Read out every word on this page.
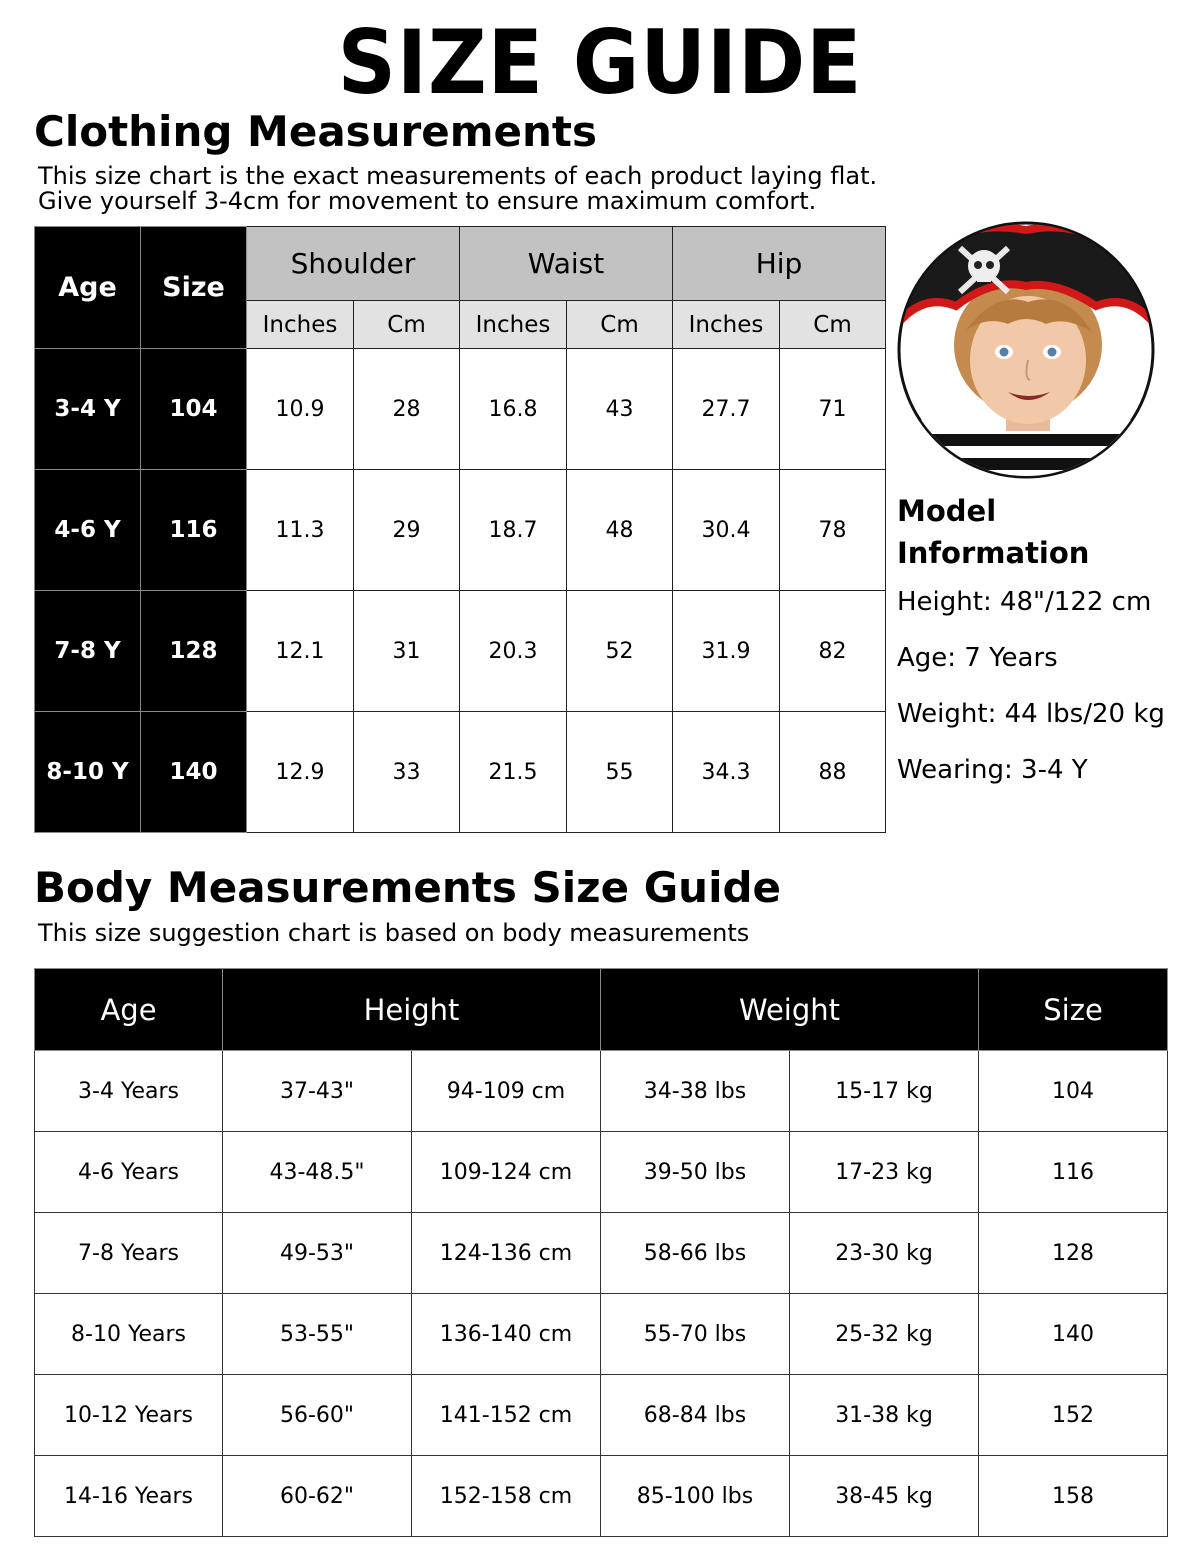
SIZE GUIDE
Clothing Measurements
This size chart is the exact measurements of each product laying flat.
Give yourself 3-4cm for movement to ensure maximum comfort.
Age	Size	Shoulder		Waist		Hip	
		Inches	Cm	Inches	Cm	Inches	Cm
3-4 Y	104	10.9	28	16.8	43	27.7	71
4-6 Y	116	11.3	29	18.7	48	30.4	78
7-8 Y	128	12.1	31	20.3	52	31.9	82
8-10 Y	140	12.9	33	21.5	55	34.3	88
Model Information
Height: 48"/122 cm
Age: 7 Years
Weight: 44 lbs/20 kg
Wearing: 3-4 Y
Body Measurements Size Guide
This size suggestion chart is based on body measurements
Age	Height		Weight		Size
3-4 Years	37-43"	94-109 cm	34-38 lbs	15-17 kg	104
4-6 Years	43-48.5"	109-124 cm	39-50 lbs	17-23 kg	116
7-8 Years	49-53"	124-136 cm	58-66 lbs	23-30 kg	128
8-10 Years	53-55"	136-140 cm	55-70 lbs	25-32 kg	140
10-12 Years	56-60"	141-152 cm	68-84 lbs	31-38 kg	152
14-16 Years	60-62"	152-158 cm	85-100 lbs	38-45 kg	158
